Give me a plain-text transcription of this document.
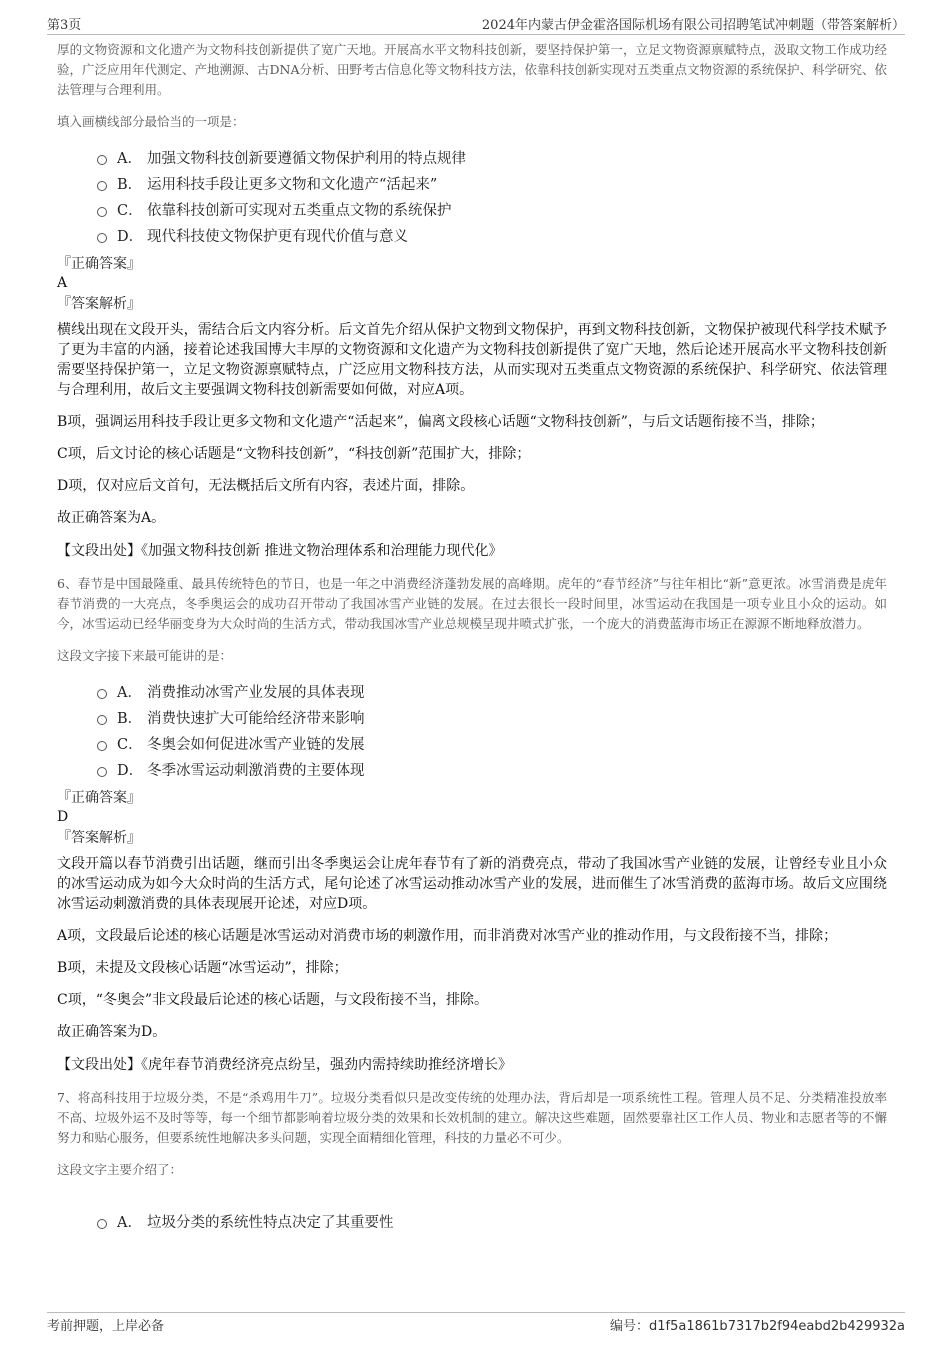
第3页	2024年内蒙古伊金霍洛国际机场有限公司招聘笔试冲刺题（带答案解析）

厚的文物资源和文化遗产为文物科技创新提供了宽广天地。开展高水平文物科技创新，要坚持保护第一，立足文物资源禀赋特点，汲取文物工作成功经验，广泛应用年代测定、产地溯源、古DNA分析、田野考古信息化等文物科技方法，依靠科技创新实现对五类重点文物资源的系统保护、科学研究、依法管理与合理利用。

填入画横线部分最恰当的一项是：

A． 加强文物科技创新要遵循文物保护利用的特点规律
B． 运用科技手段让更多文物和文化遗产“活起来”
C． 依靠科技创新可实现对五类重点文物的系统保护
D． 现代科技使文物保护更有现代价值与意义

『正确答案』

A

『答案解析』

横线出现在文段开头，需结合后文内容分析。后文首先介绍从保护文物到文物保护，再到文物科技创新，文物保护被现代科学技术赋予了更为丰富的内涵，接着论述我国博大丰厚的文物资源和文化遗产为文物科技创新提供了宽广天地，然后论述开展高水平文物科技创新需要坚持保护第一，立足文物资源禀赋特点，广泛应用文物科技方法，从而实现对五类重点文物资源的系统保护、科学研究、依法管理与合理利用，故后文主要强调文物科技创新需要如何做，对应A项。

B项，强调运用科技手段让更多文物和文化遗产“活起来”，偏离文段核心话题“文物科技创新”，与后文话题衔接不当，排除；

C项，后文讨论的核心话题是“文物科技创新”，“科技创新”范围扩大，排除；

D项，仅对应后文首句，无法概括后文所有内容，表述片面，排除。

故正确答案为A。

【文段出处】《加强文物科技创新 推进文物治理体系和治理能力现代化》

6、春节是中国最隆重、最具传统特色的节日，也是一年之中消费经济蓬勃发展的高峰期。虎年的“春节经济”与往年相比“新”意更浓。冰雪消费是虎年春节消费的一大亮点，冬季奥运会的成功召开带动了我国冰雪产业链的发展。在过去很长一段时间里，冰雪运动在我国是一项专业且小众的运动。如今，冰雪运动已经华丽变身为大众时尚的生活方式，带动我国冰雪产业总规模呈现井喷式扩张，一个庞大的消费蓝海市场正在源源不断地释放潜力。

这段文字接下来最可能讲的是：

A． 消费推动冰雪产业发展的具体表现
B． 消费快速扩大可能给经济带来影响
C． 冬奥会如何促进冰雪产业链的发展
D． 冬季冰雪运动刺激消费的主要体现

『正确答案』

D

『答案解析』

文段开篇以春节消费引出话题，继而引出冬季奥运会让虎年春节有了新的消费亮点，带动了我国冰雪产业链的发展，让曾经专业且小众的冰雪运动成为如今大众时尚的生活方式，尾句论述了冰雪运动推动冰雪产业的发展，进而催生了冰雪消费的蓝海市场。故后文应围绕冰雪运动刺激消费的具体表现展开论述，对应D项。

A项，文段最后论述的核心话题是冰雪运动对消费市场的刺激作用，而非消费对冰雪产业的推动作用，与文段衔接不当，排除；

B项，未提及文段核心话题“冰雪运动”，排除；

C项，“冬奥会”非文段最后论述的核心话题，与文段衔接不当，排除。

故正确答案为D。

【文段出处】《虎年春节消费经济亮点纷呈，强劲内需持续助推经济增长》

7、将高科技用于垃圾分类，不是“杀鸡用牛刀”。垃圾分类看似只是改变传统的处理办法，背后却是一项系统性工程。管理人员不足、分类精准投放率不高、垃圾外运不及时等等，每一个细节都影响着垃圾分类的效果和长效机制的建立。解决这些难题，固然要靠社区工作人员、物业和志愿者等的不懈努力和贴心服务，但要系统性地解决多头问题，实现全面精细化管理，科技的力量必不可少。

这段文字主要介绍了：

A． 垃圾分类的系统性特点决定了其重要性
考前押题，上岸必备	编号：d1f5a1861b7317b2f94eabd2b429932a
